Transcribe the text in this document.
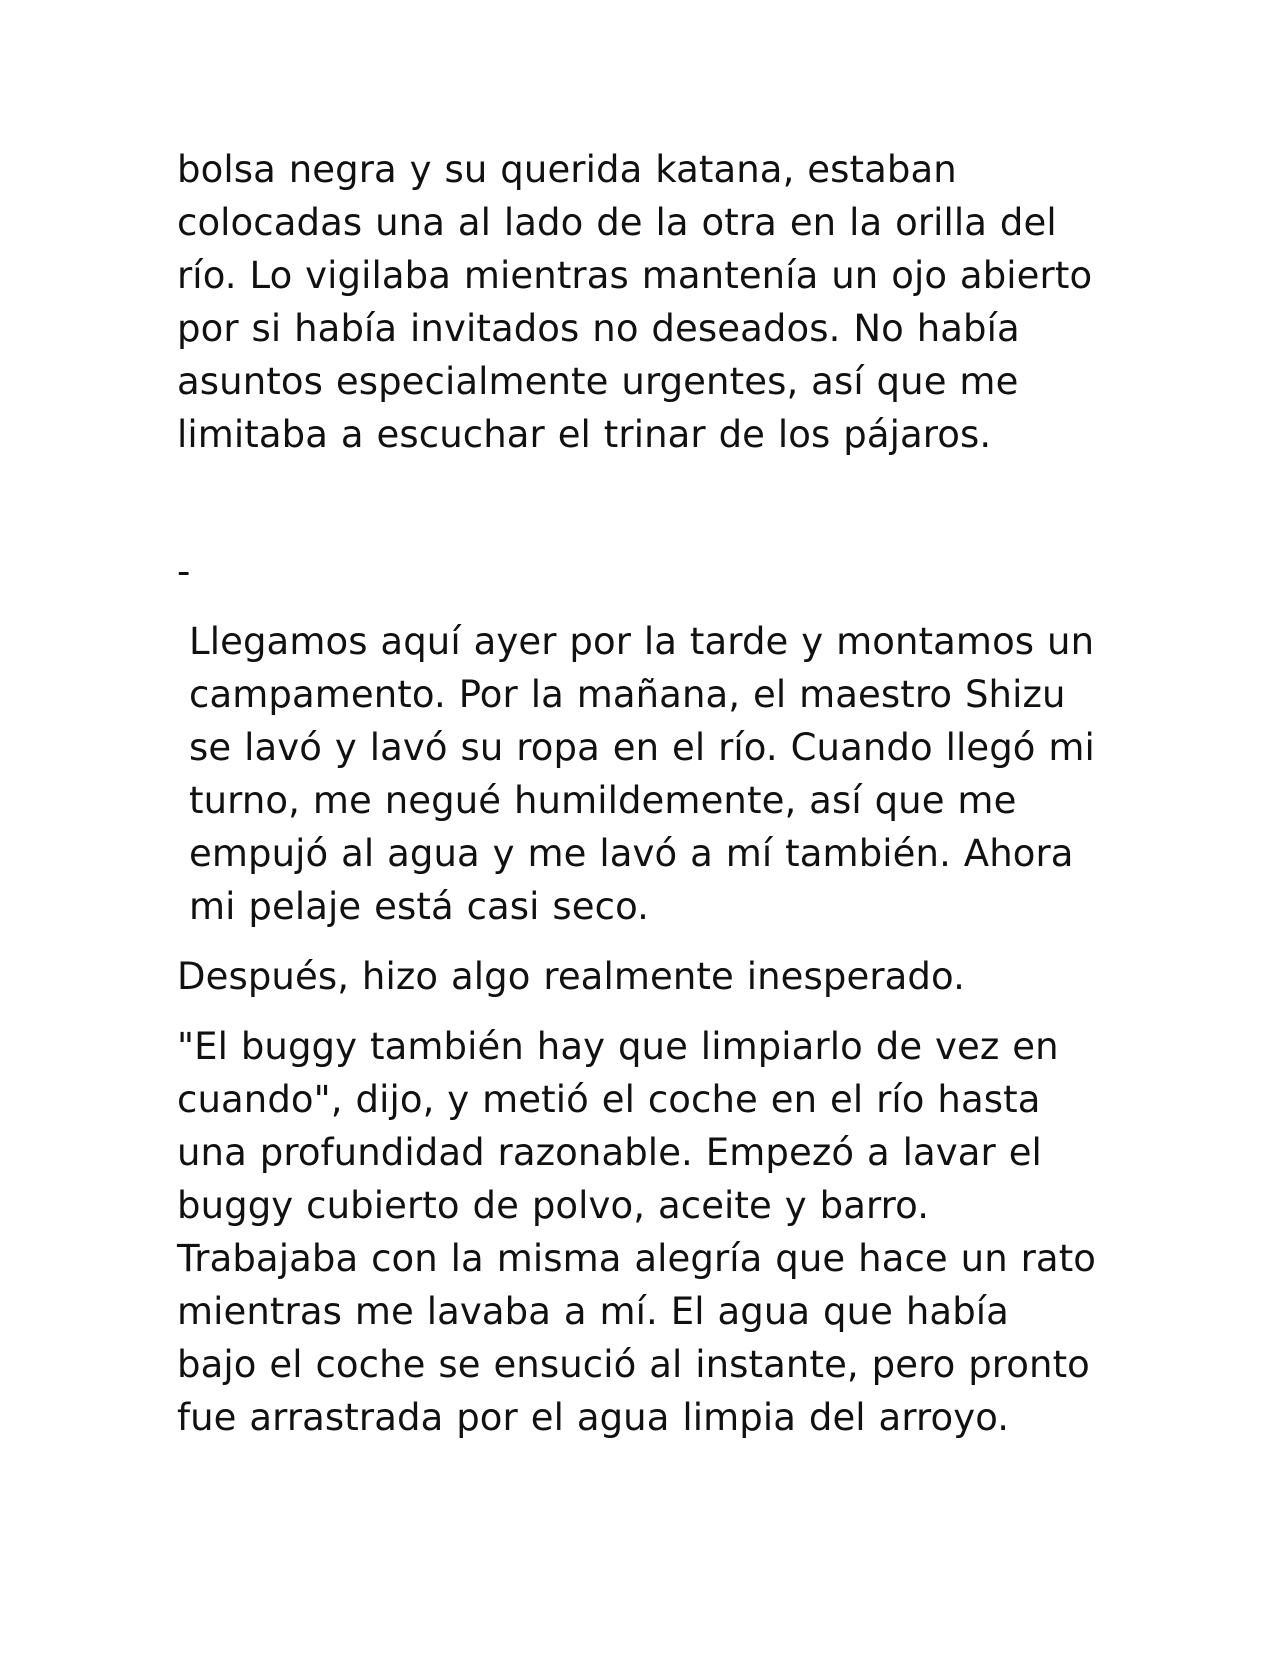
bolsa negra y su querida katana, estaban colocadas una al lado de la otra en la orilla del río. Lo vigilaba mientras mantenía un ojo abierto por si había invitados no deseados. No había asuntos especialmente urgentes, así que me limitaba a escuchar el trinar de los pájaros.

-

Llegamos aquí ayer por la tarde y montamos un campamento. Por la mañana, el maestro Shizu se lavó y lavó su ropa en el río. Cuando llegó mi turno, me negué humildemente, así que me empujó al agua y me lavó a mí también. Ahora mi pelaje está casi seco.

Después, hizo algo realmente inesperado.

"El buggy también hay que limpiarlo de vez en cuando", dijo, y metió el coche en el río hasta una profundidad razonable. Empezó a lavar el buggy cubierto de polvo, aceite y barro. Trabajaba con la misma alegría que hace un rato mientras me lavaba a mí. El agua que había bajo el coche se ensució al instante, pero pronto fue arrastrada por el agua limpia del arroyo.
